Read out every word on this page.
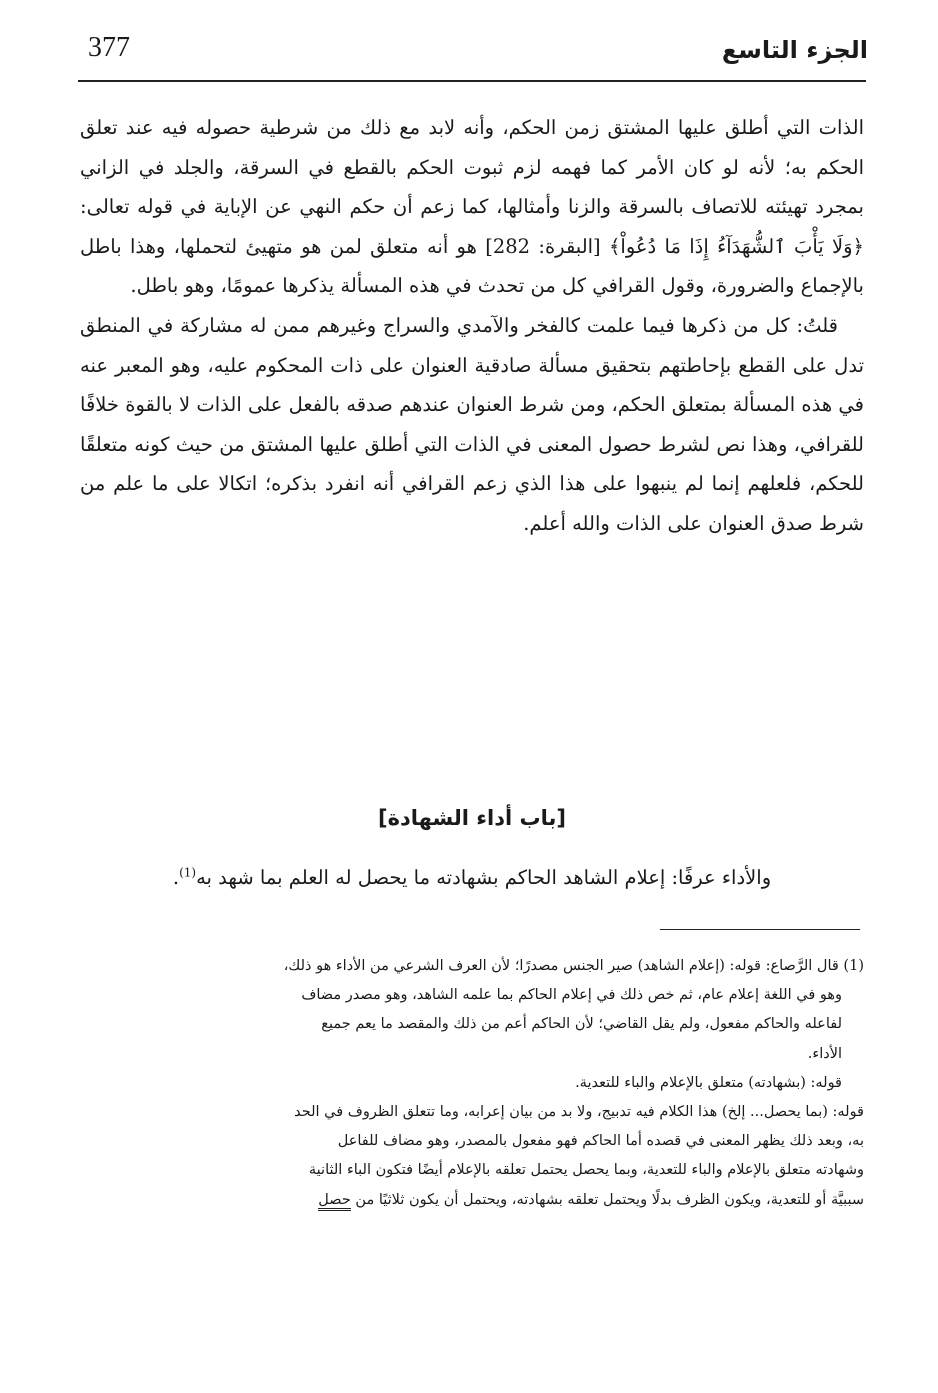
377	الجزء التاسع

الذات التي أطلق عليها المشتق زمن الحكم، وأنه لابد مع ذلك من شرطية حصوله فيه عند تعلق الحكم به؛ لأنه لو كان الأمر كما فهمه لزم ثبوت الحكم بالقطع في السرقة، والجلد في الزاني بمجرد تهيئته للاتصاف بالسرقة والزنا وأمثالها، كما زعم أن حكم النهي عن الإباية في قوله تعالى: ﴿وَلَا يَأْبَ ٱلشُّهَدَآءُ إِذَا مَا دُعُواْ﴾ [البقرة: 282] هو أنه متعلق لمن هو متهيئ لتحملها، وهذا باطل بالإجماع والضرورة، وقول القرافي كل من تحدث في هذه المسألة يذكرها عمومًا، وهو باطل.

قلتُ: كل من ذكرها فيما علمت كالفخر والآمدي والسراج وغيرهم ممن له مشاركة في المنطق تدل على القطع بإحاطتهم بتحقيق مسألة صادقية العنوان على ذات المحكوم عليه، وهو المعبر عنه في هذه المسألة بمتعلق الحكم، ومن شرط العنوان عندهم صدقه بالفعل على الذات لا بالقوة خلافًا للقرافي، وهذا نص لشرط حصول المعنى في الذات التي أطلق عليها المشتق من حيث كونه متعلقًا للحكم، فلعلهم إنما لم ينبهوا على هذا الذي زعم القرافي أنه انفرد بذكره؛ اتكالا على ما علم من شرط صدق العنوان على الذات والله أعلم.

[باب أداء الشهادة]
والأداء عرفًا: إعلام الشاهد الحاكم بشهادته ما يحصل له العلم بما شهد به$^{(1)}$.

(1) قال الرَّصاع: قوله: (إعلام الشاهد) صير الجنس مصدرًا؛ لأن العرف الشرعي من الأداء هو ذلك،

وهو في اللغة إعلام عام، ثم خص ذلك في إعلام الحاكم بما علمه الشاهد، وهو مصدر مضاف

لفاعله والحاكم مفعول، ولم يقل القاضي؛ لأن الحاكم أعم من ذلك والمقصد ما يعم جميع

الأداء.

قوله: (بشهادته) متعلق بالإعلام والباء للتعدية.

قوله: (بما يحصل... إلخ) هذا الكلام فيه تدبيج، ولا بد من بيان إعرابه، وما تتعلق الظروف في الحد

به، وبعد ذلك يظهر المعنى في قصده أما الحاكم فهو مفعول بالمصدر، وهو مضاف للفاعل

وشهادته متعلق بالإعلام والباء للتعدية، وبما يحصل يحتمل تعلقه بالإعلام أيضًا فتكون الباء الثانية

سببيَّة أو للتعدية، ويكون الظرف بدلًا ويحتمل تعلقه بشهادته، ويحتمل أن يكون ثلاثيًا من حصل
